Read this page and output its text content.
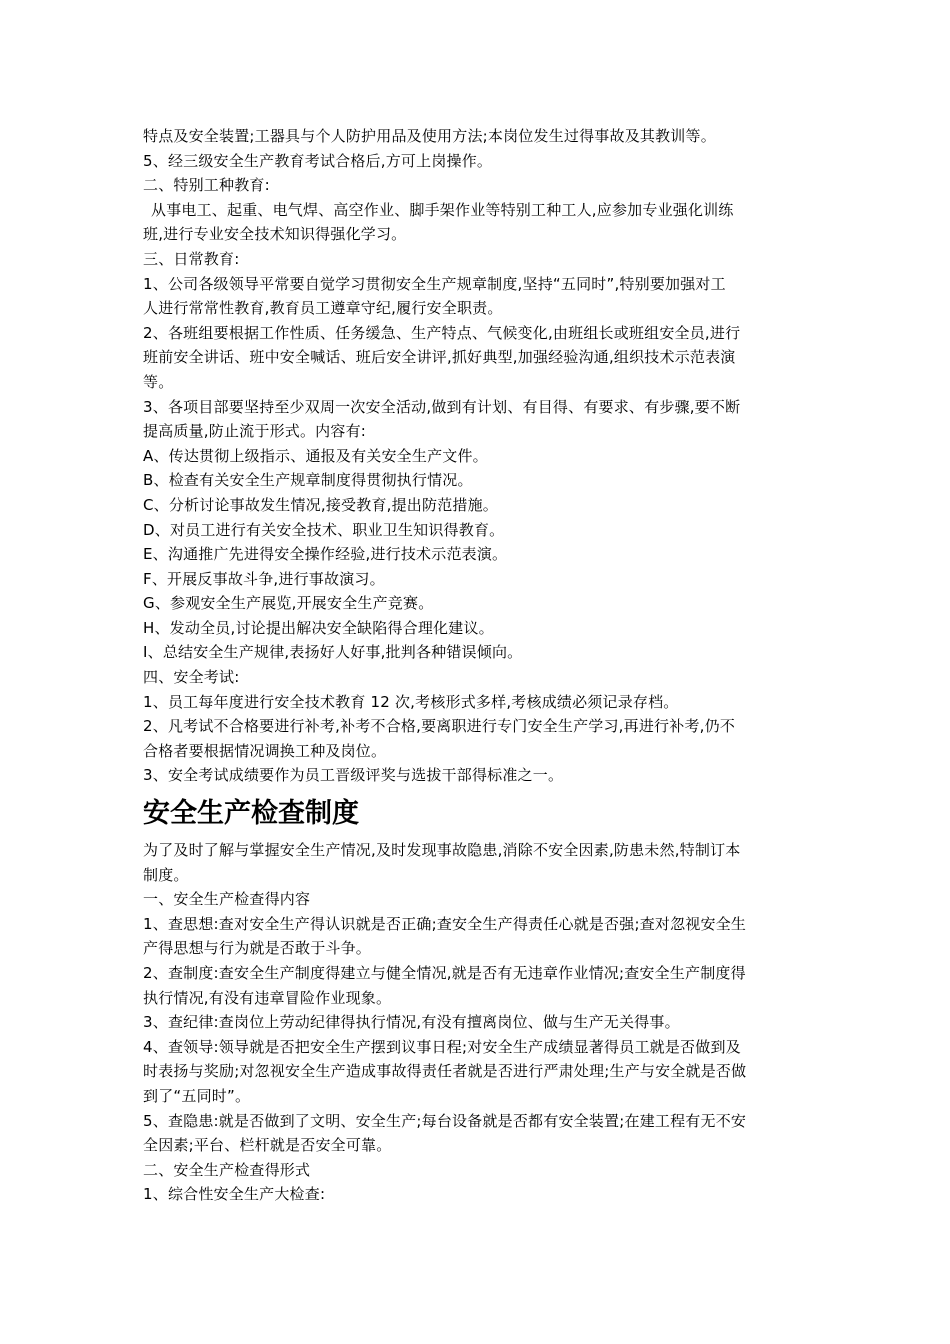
特点及安全装置;工器具与个人防护用品及使用方法;本岗位发生过得事故及其教训等。
5、经三级安全生产教育考试合格后,方可上岗操作。
二、特别工种教育:
从事电工、起重、电气焊、高空作业、脚手架作业等特别工种工人,应参加专业强化训练
班,进行专业安全技术知识得强化学习。
三、日常教育:
1、公司各级领导平常要自觉学习贯彻安全生产规章制度,坚持“五同时”,特别要加强对工
人进行常常性教育,教育员工遵章守纪,履行安全职责。
2、各班组要根据工作性质、任务缓急、生产特点、气候变化,由班组长或班组安全员,进行
班前安全讲话、班中安全喊话、班后安全讲评,抓好典型,加强经验沟通,组织技术示范表演
等。
3、各项目部要坚持至少双周一次安全活动,做到有计划、有目得、有要求、有步骤,要不断
提高质量,防止流于形式。内容有:
A、传达贯彻上级指示、通报及有关安全生产文件。
B、检查有关安全生产规章制度得贯彻执行情况。
C、分析讨论事故发生情况,接受教育,提出防范措施。
D、对员工进行有关安全技术、职业卫生知识得教育。
E、沟通推广先进得安全操作经验,进行技术示范表演。
F、开展反事故斗争,进行事故演习。
G、参观安全生产展览,开展安全生产竞赛。
H、发动全员,讨论提出解决安全缺陷得合理化建议。
I、总结安全生产规律,表扬好人好事,批判各种错误倾向。
四、安全考试:
1、员工每年度进行安全技术教育 12 次,考核形式多样,考核成绩必须记录存档。
2、凡考试不合格要进行补考,补考不合格,要离职进行专门安全生产学习,再进行补考,仍不
合格者要根据情况调换工种及岗位。
3、安全考试成绩要作为员工晋级评奖与选拔干部得标准之一。
安全生产检查制度
为了及时了解与掌握安全生产情况,及时发现事故隐患,消除不安全因素,防患未然,特制订本
制度。
一、安全生产检查得内容
1、查思想:查对安全生产得认识就是否正确;查安全生产得责任心就是否强;查对忽视安全生
产得思想与行为就是否敢于斗争。
2、查制度:查安全生产制度得建立与健全情况,就是否有无违章作业情况;查安全生产制度得
执行情况,有没有违章冒险作业现象。
3、查纪律:查岗位上劳动纪律得执行情况,有没有擅离岗位、做与生产无关得事。
4、查领导:领导就是否把安全生产摆到议事日程;对安全生产成绩显著得员工就是否做到及
时表扬与奖励;对忽视安全生产造成事故得责任者就是否进行严肃处理;生产与安全就是否做
到了“五同时”。
5、查隐患:就是否做到了文明、安全生产;每台设备就是否都有安全装置;在建工程有无不安
全因素;平台、栏杆就是否安全可靠。
二、安全生产检查得形式
1、综合性安全生产大检查:
